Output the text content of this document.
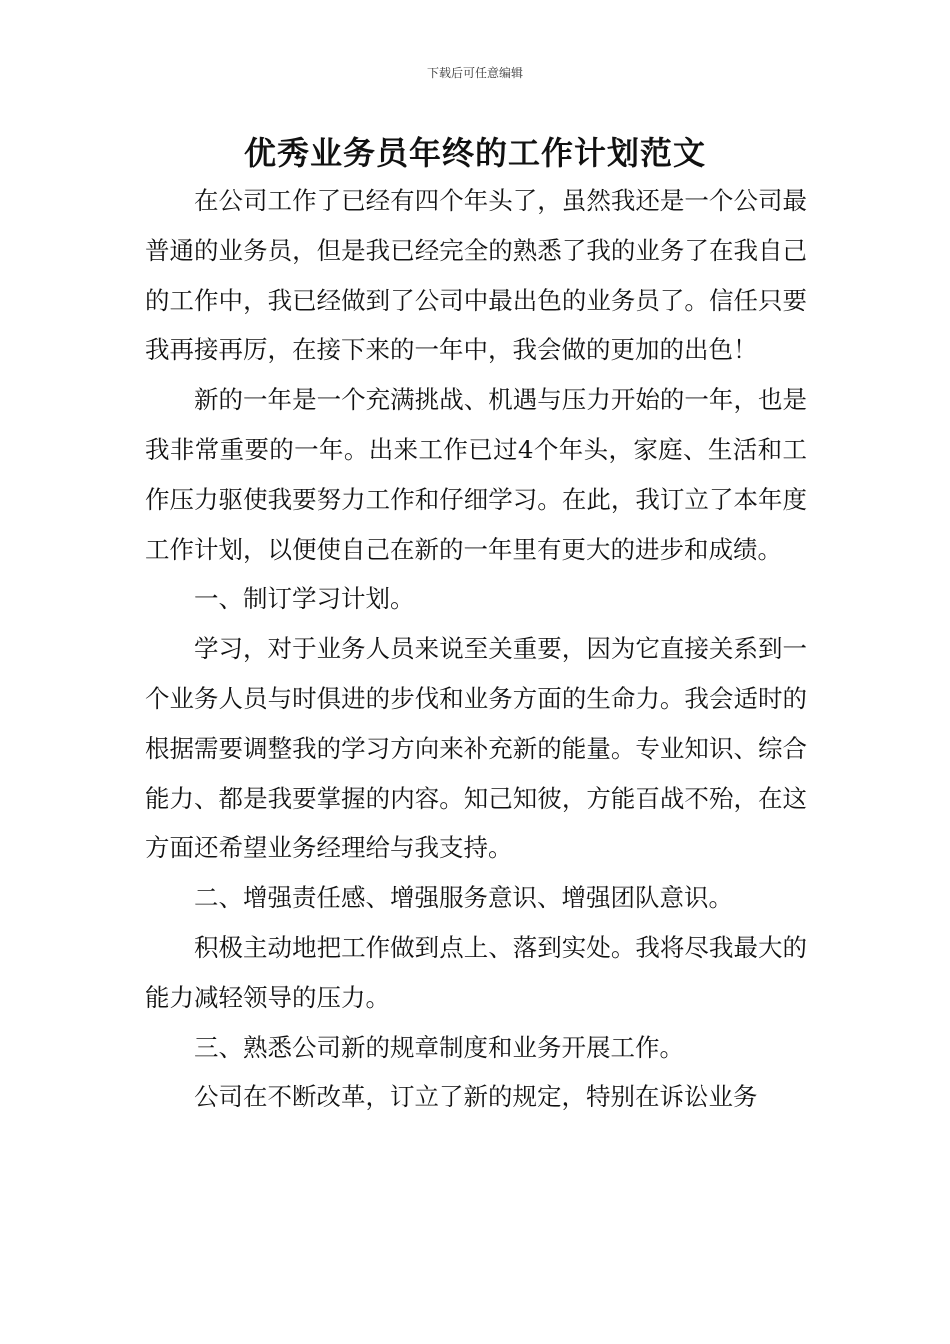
下载后可任意编辑
优秀业务员年终的工作计划范文

在公司工作了已经有四个年头了，虽然我还是一个公司最普通的业务员，但是我已经完全的熟悉了我的业务了在我自己的工作中，我已经做到了公司中最出色的业务员了。信任只要我再接再厉，在接下来的一年中，我会做的更加的出色！

新的一年是一个充满挑战、机遇与压力开始的一年，也是我非常重要的一年。出来工作已过4个年头，家庭、生活和工作压力驱使我要努力工作和仔细学习。在此，我订立了本年度工作计划，以便使自己在新的一年里有更大的进步和成绩。

一、制订学习计划。

学习，对于业务人员来说至关重要，因为它直接关系到一个业务人员与时俱进的步伐和业务方面的生命力。我会适时的根据需要调整我的学习方向来补充新的能量。专业知识、综合能力、都是我要掌握的内容。知己知彼，方能百战不殆，在这方面还希望业务经理给与我支持。

二、增强责任感、增强服务意识、增强团队意识。

积极主动地把工作做到点上、落到实处。我将尽我最大的能力减轻领导的压力。

三、熟悉公司新的规章制度和业务开展工作。

公司在不断改革，订立了新的规定，特别在诉讼业务
